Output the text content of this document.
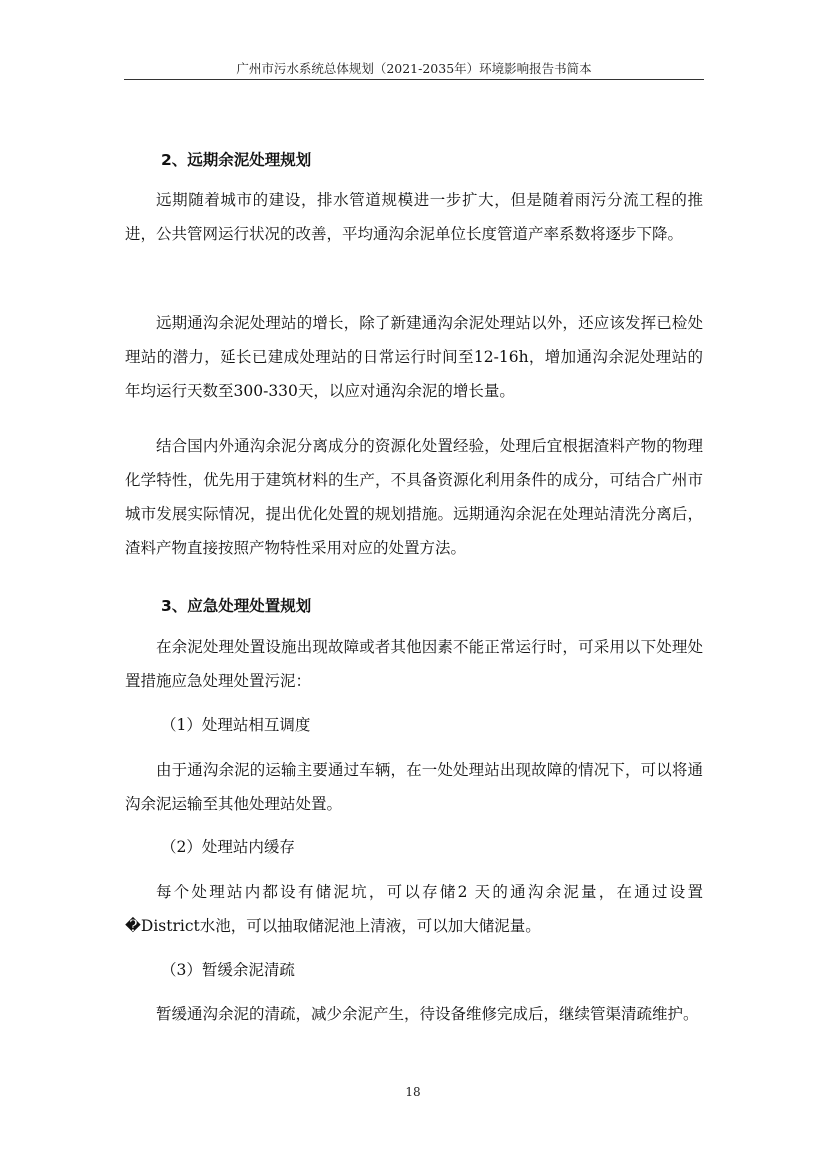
广州市污水系统总体规划（2021-2035年）环境影响报告书简本
2、远期余泥处理规划
远期随着城市的建设，排水管道规模进一步扩大，但是随着雨污分流工程的推进，公共管网运行状况的改善，平均通沟余泥单位长度管道产率系数将逐步下降。
远期通沟余泥处理站的增长，除了新建通沟余泥处理站以外，还应该发挥已检处理站的潜力，延长已建成处理站的日常运行时间至12-16h，增加通沟余泥处理站的年均运行天数至300-330天，以应对通沟余泥的增长量。
结合国内外通沟余泥分离成分的资源化处置经验，处理后宜根据渣料产物的物理化学特性，优先用于建筑材料的生产，不具备资源化利用条件的成分，可结合广州市城市发展实际情况，提出优化处置的规划措施。远期通沟余泥在处理站清洗分离后，渣料产物直接按照产物特性采用对应的处置方法。
3、应急处理处置规划
在余泥处理处置设施出现故障或者其他因素不能正常运行时，可采用以下处理处置措施应急处理处置污泥：
（1）处理站相互调度
由于通沟余泥的运输主要通过车辆，在一处处理站出现故障的情况下，可以将通沟余泥运输至其他处理站处置。
（2）处理站内缓存
每个处理站内都设有储泥坑，可以存储2 天的通沟余泥量，在通过设置�District水池，可以抽取储泥池上清液，可以加大储泥量。
（3）暂缓余泥清疏
暂缓通沟余泥的清疏，减少余泥产生，待设备维修完成后，继续管渠清疏维护。
18
